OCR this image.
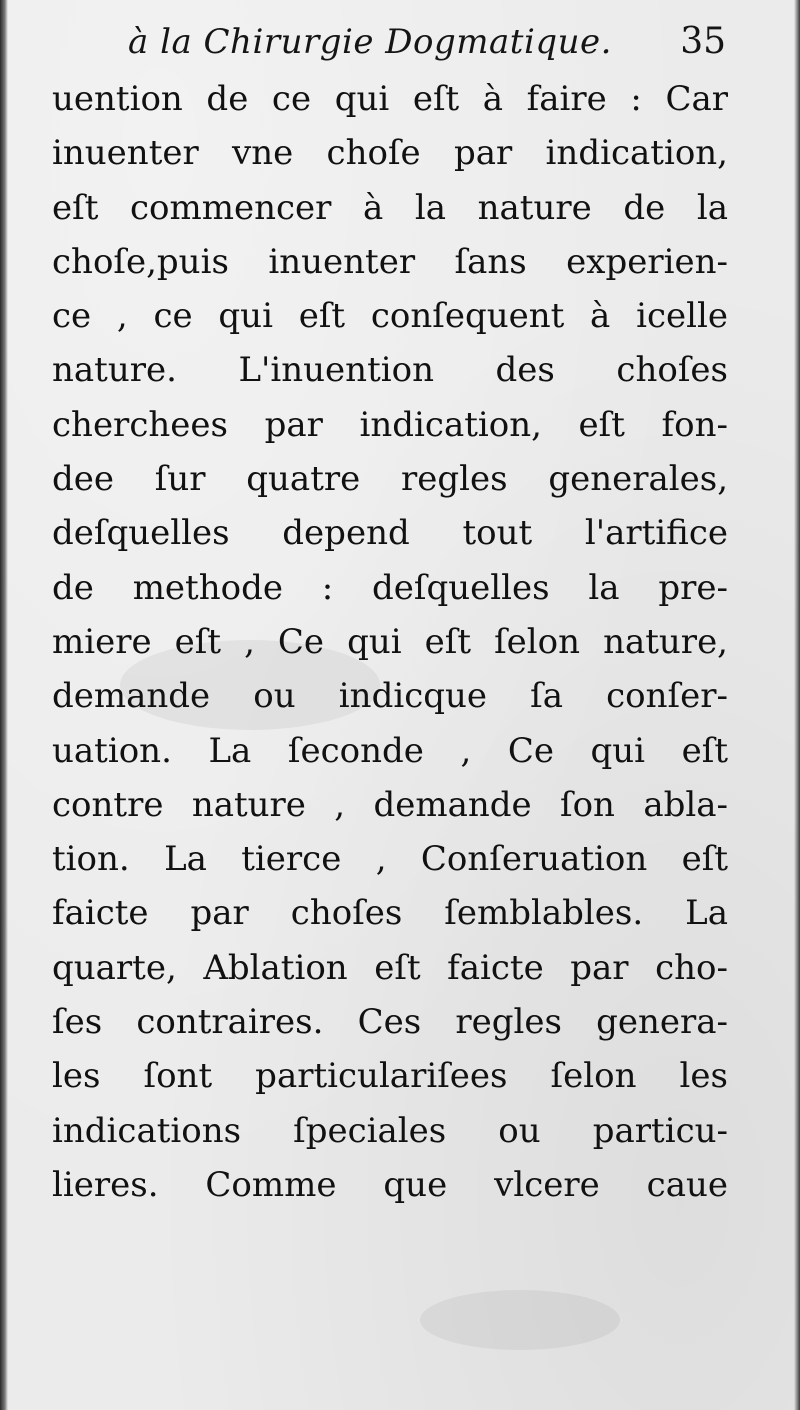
à la Chirurgie Dogmatique. 35
uention de ce qui eſt à faire : Car
inuenter vne choſe par indication,
eſt commencer à la nature de la
choſe,puis inuenter ſans experien-
ce , ce qui eſt conſequent à icelle
nature. L'inuention des choſes
cherchees par indication, eſt fon-
dee ſur quatre regles generales,
deſquelles depend tout l'artifice
de methode : deſquelles la pre-
miere eſt , Ce qui eſt ſelon nature,
demande ou indicque ſa conſer-
uation. La ſeconde , Ce qui eſt
contre nature , demande ſon abla-
tion. La tierce , Conſeruation eſt
faicte par choſes ſemblables. La
quarte, Ablation eſt faicte par cho-
ſes contraires. Ces regles genera-
les ſont particulariſees ſelon les
indications ſpeciales ou particu-
lieres. Comme que vlcere caue
